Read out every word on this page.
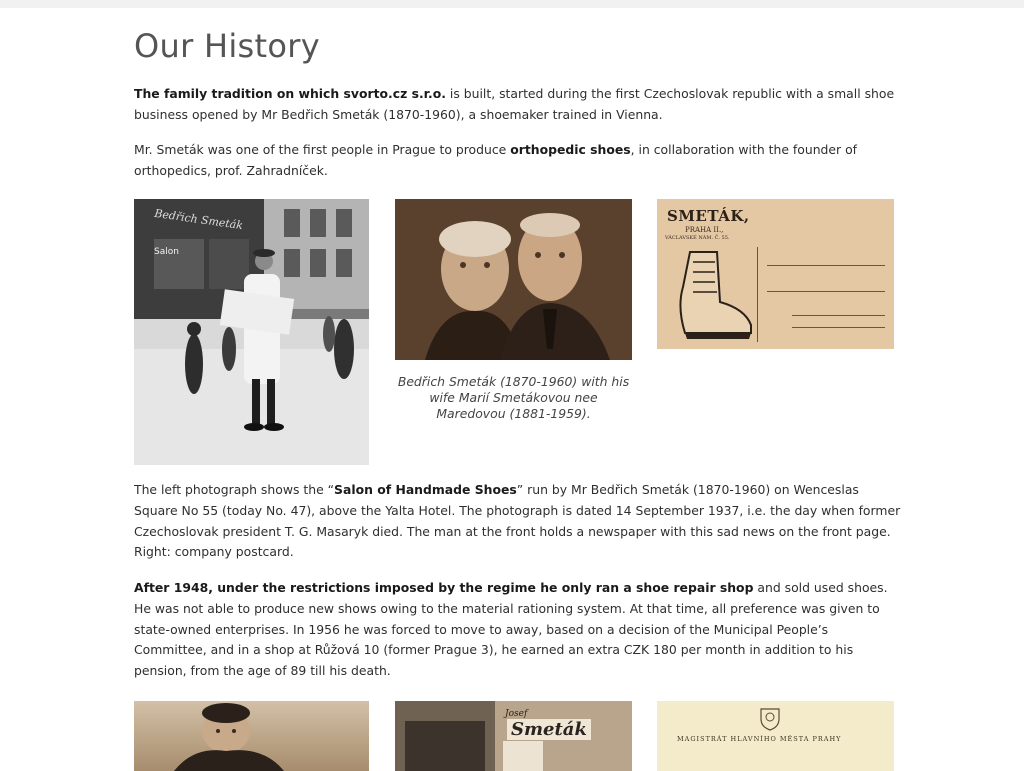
Our History

The family tradition on which svorto.cz s.r.o. is built, started during the first Czechoslovak republic with a small shoe business opened by Mr Bedřich Smeták (1870-1960), a shoemaker trained in Vienna.

Mr. Smeták was one of the first people in Prague to produce orthopedic shoes, in collaboration with the founder of orthopedics, prof. Zahradníček.

Bedřich Smeták
Salon
Bedřich Smeták (1870-1960) with his wife Marií Smetákovou nee Maredovou (1881-1959).
SMETÁK,
PRAHA II.,
VÁCLAVSKÉ NÁM. Č. 55.

The left photograph shows the “Salon of Handmade Shoes” run by Mr Bedřich Smeták (1870-1960) on Wenceslas Square No 55 (today No. 47), above the Yalta Hotel. The photograph is dated 14 September 1937, i.e. the day when former Czechoslovak president T. G. Masaryk died. The man at the front holds a newspaper with this sad news on the front page. Right: company postcard.

After 1948, under the restrictions imposed by the regime he only ran a shoe repair shop and sold used shoes. He was not able to produce new shows owing to the material rationing system. At that time, all preference was given to state-owned enterprises. In 1956 he was forced to move to away, based on a decision of the Municipal People’s Committee, and in a shop at Růžová 10 (former Prague 3), he earned an extra CZK 180 per month in addition to his pension, from the age of 89 till his death.

Josef
Smeták	MAGISTRÁT HLAVNÍHO MĚSTA PRAHY
